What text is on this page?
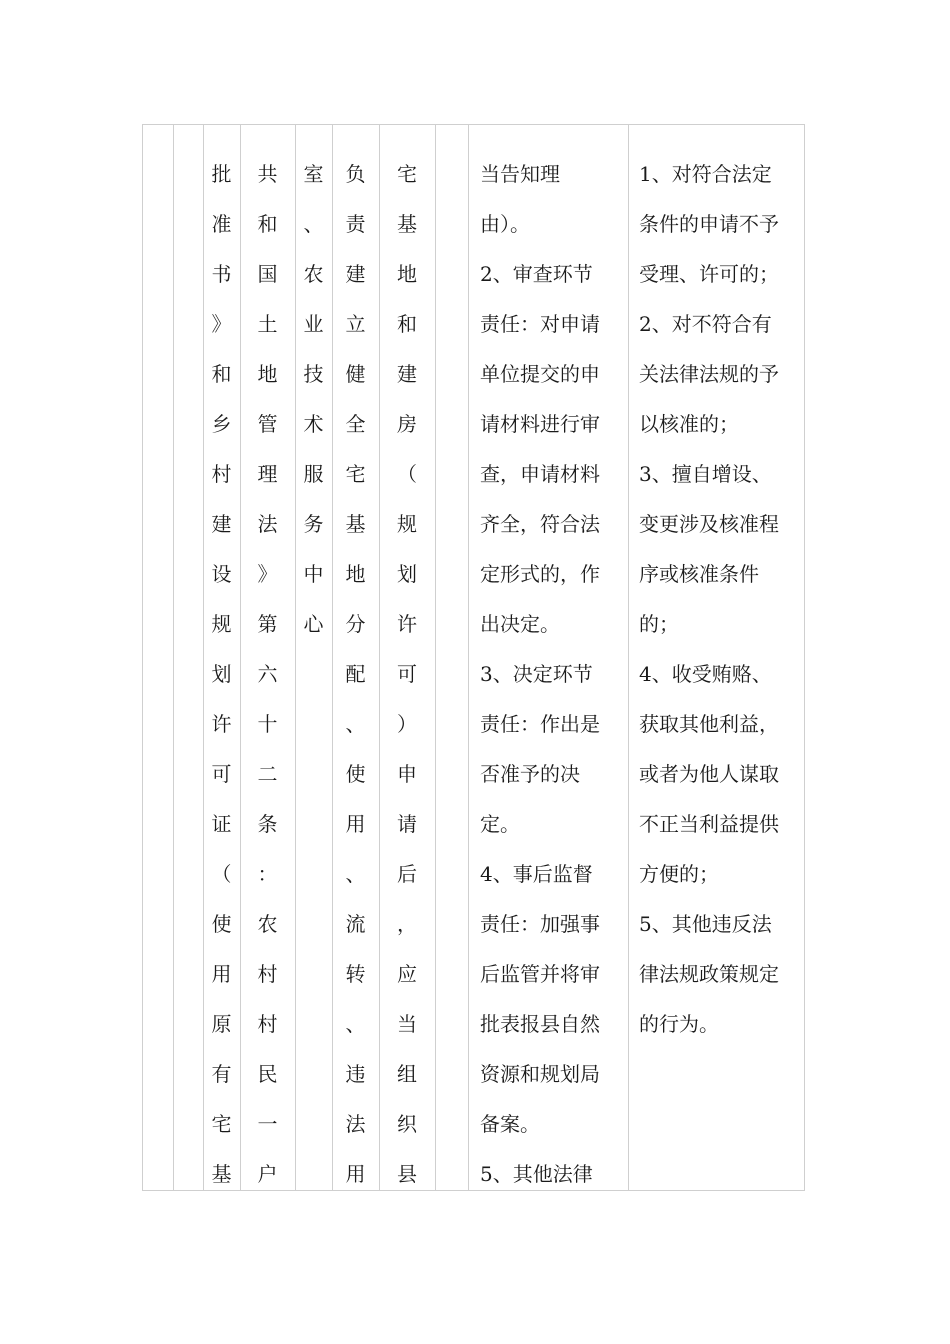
批
准
书
》
和
乡
村
建
设
规
划
许
可
证
（
使
用
原
有
宅
基
共
和
国
土
地
管
理
法
》
第
六
十
二
条
：
农
村
村
民
一
户
室
、
农
业
技
术
服
务
中
心
负
责
建
立
健
全
宅
基
地
分
配
、
使
用
、
流
转
、
违
法
用
宅
基
地
和
建
房
（
规
划
许
可
）
申
请
后
，
应
当
组
织
县
当告知理
由）。
2、审查环节
责任：对申请
单位提交的申
请材料进行审
查，申请材料
齐全，符合法
定形式的，作
出决定。
3、决定环节
责任：作出是
否准予的决
定。
4、事后监督
责任：加强事
后监管并将审
批表报县自然
资源和规划局
备案。
5、其他法律
1、对符合法定
条件的申请不予
受理、许可的；
2、对不符合有
关法律法规的予
以核准的；
3、擅自增设、
变更涉及核准程
序或核准条件
的；
4、收受贿赂、
获取其他利益，
或者为他人谋取
不正当利益提供
方便的；
5、其他违反法
律法规政策规定
的行为。
